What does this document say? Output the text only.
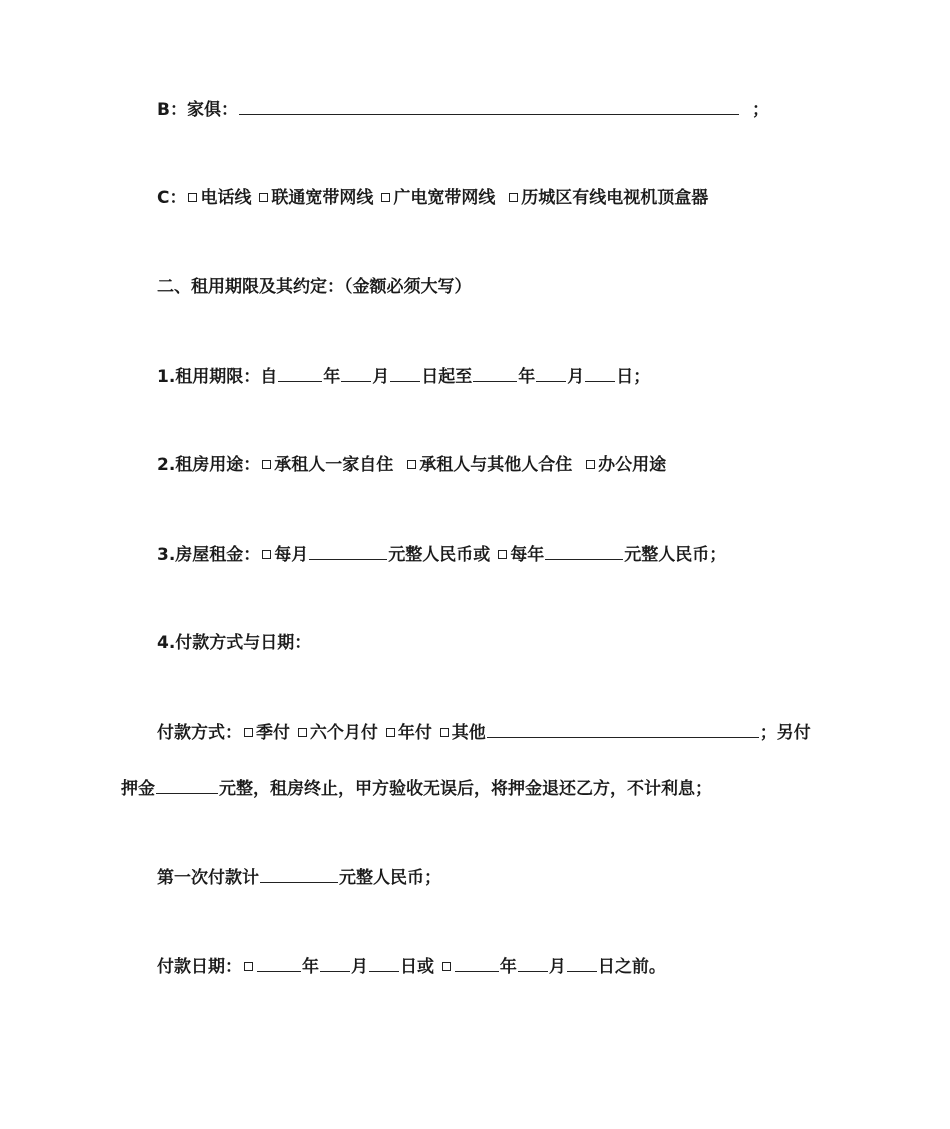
B：家俱：	；
C： 电话线 联通宽带网线 广电宽带网线 历城区有线电视机顶盒器
二、租用期限及其约定：（金额必须大写）
1.租用期限：自	年 月 日起至	年 月 日；
2.租房用途： 承租人一家自住 承租人与其他人合住 办公用途
3.房屋租金： 每月	元整人民币或 每年	元整人民币；
4.付款方式与日期：
付款方式： 季付 六个月付 年付 其他	；另付
押金	元整，租房终止，甲方验收无误后，将押金退还乙方，不计利息；
第一次付款计	元整人民币；
付款日期：	年 月 日或	年 月 日之前。
